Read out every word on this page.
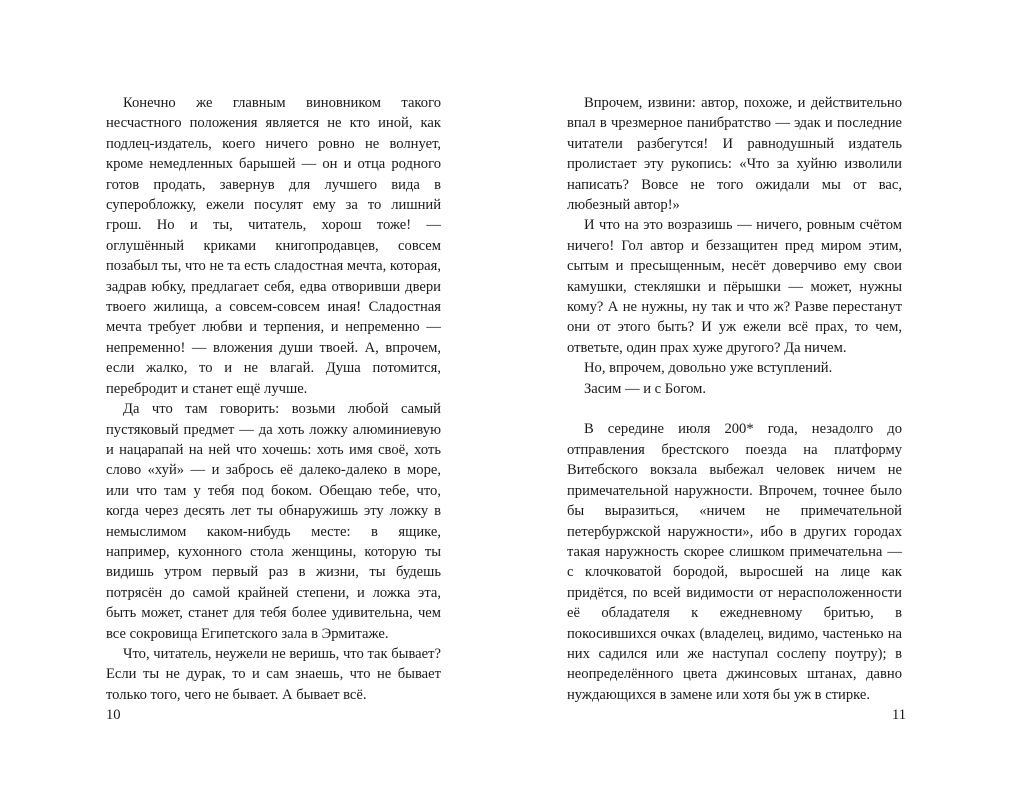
Конечно же главным виновником такого несчастного положения является не кто иной, как подлец-издатель, коего ничего ровно не волнует, кроме немедленных барышей — он и отца родного готов продать, завернув для лучшего вида в суперобложку, ежели посулят ему за то лишний грош. Но и ты, читатель, хорош тоже! — оглушённый криками книгопродавцев, совсем позабыл ты, что не та есть сладостная мечта, которая, задрав юбку, предлагает себя, едва отворивши двери твоего жилища, а совсем-совсем иная! Сладостная мечта требует любви и терпения, и непременно — непременно! — вложения души твоей. А, впрочем, если жалко, то и не влагай. Душа потомится, перебродит и станет ещё лучше.

Да что там говорить: возьми любой самый пустяковый предмет — да хоть ложку алюминиевую и нацарапай на ней что хочешь: хоть имя своё, хоть слово «хуй» — и забрось её далеко-далеко в море, или что там у тебя под боком. Обещаю тебе, что, когда через десять лет ты обнаружишь эту ложку в немыслимом каком-нибудь месте: в ящике, например, кухонного стола женщины, которую ты видишь утром первый раз в жизни, ты будешь потрясён до самой крайней степени, и ложка эта, быть может, станет для тебя более удивительна, чем все сокровища Египетского зала в Эрмитаже.

Что, читатель, неужели не веришь, что так бывает? Если ты не дурак, то и сам знаешь, что не бывает только того, чего не бывает. А бывает всё.

10

Впрочем, извини: автор, похоже, и действительно впал в чрезмерное панибратство — эдак и последние читатели разбегутся! И равнодушный издатель пролистает эту рукопись: «Что за хуйню изволили написать? Вовсе не того ожидали мы от вас, любезный автор!»

И что на это возразишь — ничего, ровным счётом ничего! Гол автор и беззащитен пред миром этим, сытым и пресыщенным, несёт доверчиво ему свои камушки, стекляшки и пёрышки — может, нужны кому? А не нужны, ну так и что ж? Разве перестанут они от этого быть? И уж ежели всё прах, то чем, ответьте, один прах хуже другого? Да ничем.

Но, впрочем, довольно уже вступлений.

Засим — и с Богом.

В середине июля 200* года, незадолго до отправления брестского поезда на платформу Витебского вокзала выбежал человек ничем не примечательной наружности. Впрочем, точнее было бы выразиться, «ничем не примечательной петербуржской наружности», ибо в других городах такая наружность скорее слишком примечательна — с клочковатой бородой, выросшей на лице как придётся, по всей видимости от нерасположенности её обладателя к ежедневному бритью, в покосившихся очках (владелец, видимо, частенько на них садился или же наступал сослепу поутру); в неопределённого цвета джинсовых штанах, давно нуждающихся в замене или хотя бы уж в стирке.

11
